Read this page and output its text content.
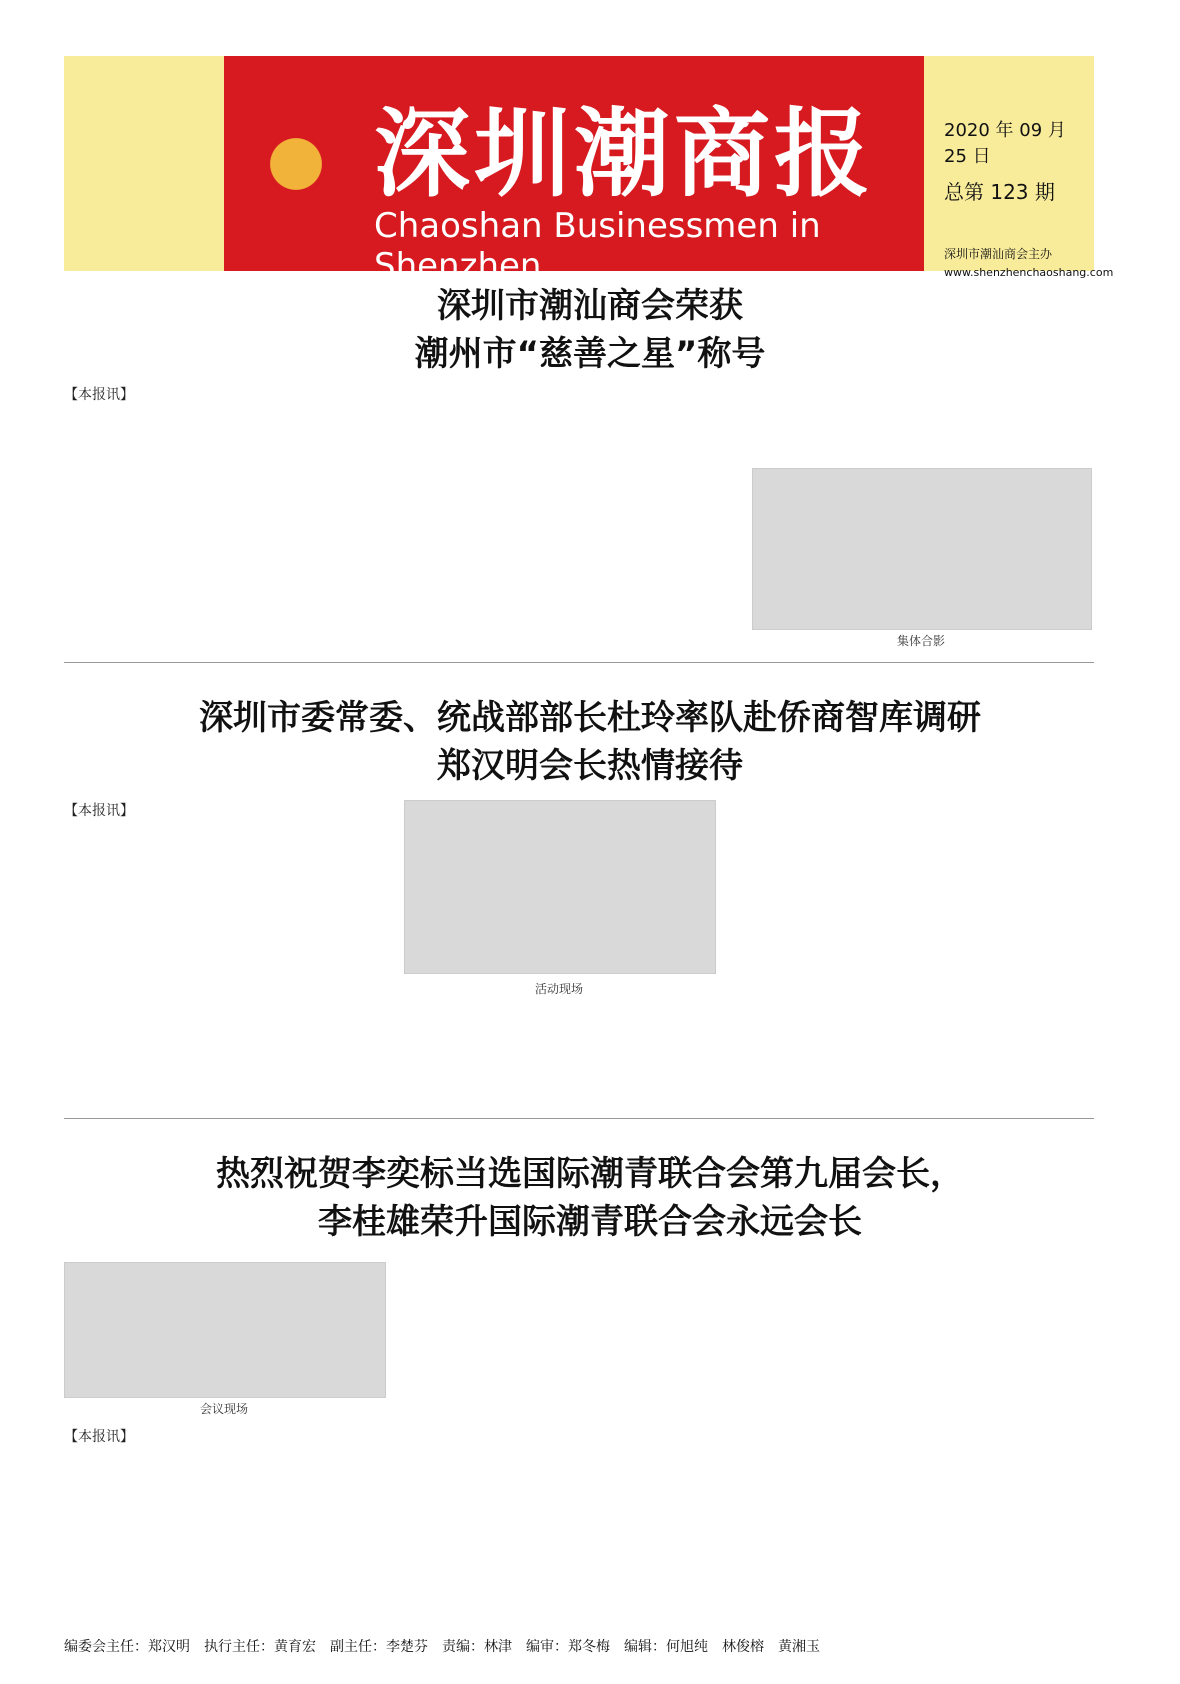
深圳潮商报
Chaoshan Businessmen in Shenzhen
2020 年 09 月 25 日
总第 123 期
深圳市潮汕商会主办
www.shenzhenchaoshang.com
深圳市潮汕商会荣获
潮州市“慈善之星”称号
【本报讯】
集体合影
深圳市委常委、统战部部长杜玲率队赴侨商智库调研
郑汉明会长热情接待
【本报讯】
活动现场
热烈祝贺李奕标当选国际潮青联合会第九届会长，
李桂雄荣升国际潮青联合会永远会长
会议现场
【本报讯】
编委会主任：郑汉明　执行主任：黄育宏　副主任：李楚芬　责编：林津　编审：郑冬梅　编辑：何旭纯　林俊榕　黄湘玉
